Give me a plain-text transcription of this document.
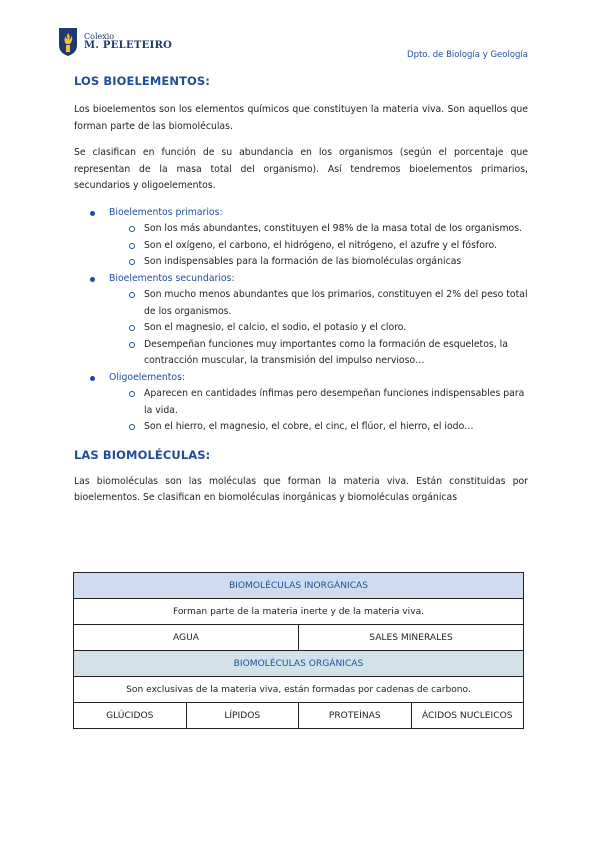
Colexio
M. PELETEIRO
Dpto. de Biología y Geología
LOS BIOELEMENTOS:

Los bioelementos son los elementos químicos que constituyen la materia viva. Son aquellos que forman parte de las biomoléculas.

Se clasifican en función de su abundancia en los organismos (según el porcentaje que representan de la masa total del organismo). Así tendremos bioelementos primarios, secundarios y oligoelementos.

Bioelementos primarios:
Son los más abundantes, constituyen el 98% de la masa total de los organismos.
Son el oxígeno, el carbono, el hidrógeno, el nitrógeno, el azufre y el fósforo.
Son indispensables para la formación de las biomoléculas orgánicas
Bioelementos secundarios:
Son mucho menos abundantes que los primarios, constituyen el 2% del peso total de los organismos.
Son el magnesio, el calcio, el sodio, el potasio y el cloro.
Desempeñan funciones muy importantes como la formación de esqueletos, la contracción muscular, la transmisión del impulso nervioso…
Oligoelementos:
Aparecen en cantidades ínfimas pero desempeñan funciones indispensables para la vida.
Son el hierro, el magnesio, el cobre, el cinc, el flúor, el hierro, el iodo…
LAS BIOMOLÉCULAS:

Las biomoléculas son las moléculas que forman la materia viva. Están constituidas por bioelementos. Se clasifican en biomoléculas inorgánicas y biomoléculas orgánicas

BIOMOLÉCULAS INORGÁNICAS			
Forman parte de la materia inerte y de la materia viva.			
AGUA		SALES MINERALES	
BIOMOLÉCULAS ORGÁNICAS			
Son exclusivas de la materia viva, están formadas por cadenas de carbono.			
GLÚCIDOS	LÍPIDOS	PROTEÍNAS	ÁCIDOS NUCLEICOS
